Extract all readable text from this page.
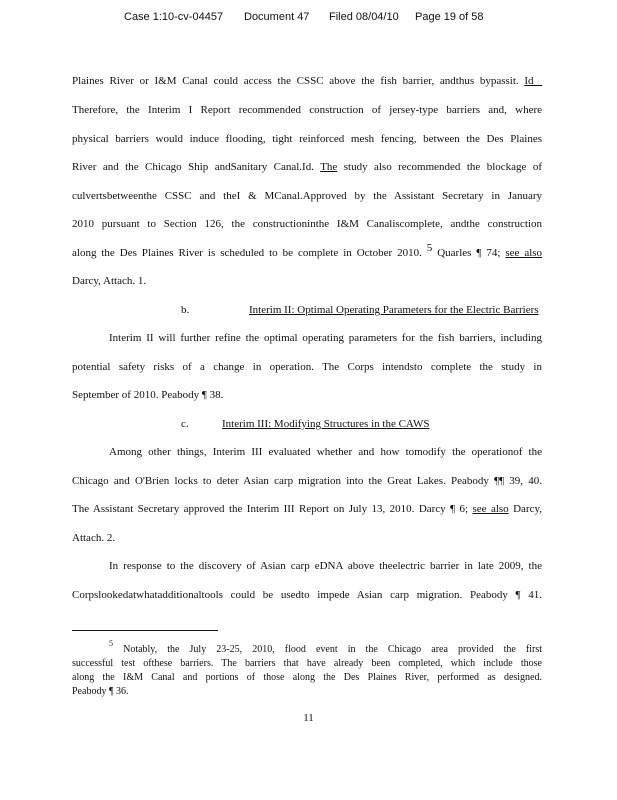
Case 1:10-cv-04457 Document 47 Filed 08/04/10 Page 19 of 58
Plaines River or I&M Canal could access the CSSC above the fish barrier, andthus bypassit. Id
Therefore, the Interim I Report recommended construction of jersey-type barriers and, where
physical barriers would induce flooding, tight reinforced mesh fencing, between the Des Plaines
River and the Chicago Ship andSanitary Canal.Id. The study also recommended the blockage of
culvertsbetweenthe CSSC and theI & MCanal.Approved by the Assistant Secretary in January
2010 pursuant to Section 126, the constructioninthe I&M Canaliscomplete, andthe construction
along the Des Plaines River is scheduled to be complete in October 2010. 5 Quarles ¶ 74; see also
Darcy, Attach. 1.
b.	Interim II: Optimal Operating Parameters for the Electric Barriers
Interim II will further refine the optimal operating parameters for the fish barriers, including
potential safety risks of a change in operation. The Corps intendsto complete the study in
September of 2010. Peabody ¶ 38.
c.	Interim III: Modifying Structures in the CAWS
Among other things, Interim III evaluated whether and how tomodify the operationof the
Chicago and O'Brien locks to deter Asian carp migration into the Great Lakes. Peabody ¶¶ 39, 40.
The Assistant Secretary approved the Interim III Report on July 13, 2010. Darcy ¶ 6; see also Darcy,
Attach. 2.
In response to the discovery of Asian carp eDNA above theelectric barrier in late 2009, the
Corpslookedatwhatadditionaltools could be usedto impede Asian carp migration. Peabody ¶ 41.
$^5$ Notably, the July 23-25, 2010, flood event in the Chicago area provided the first
successful test ofthese barriers. The barriers that have already been completed, which include those
along the I&M Canal and portions of those along the Des Plaines River, performed as designed.
Peabody ¶ 36.
11
